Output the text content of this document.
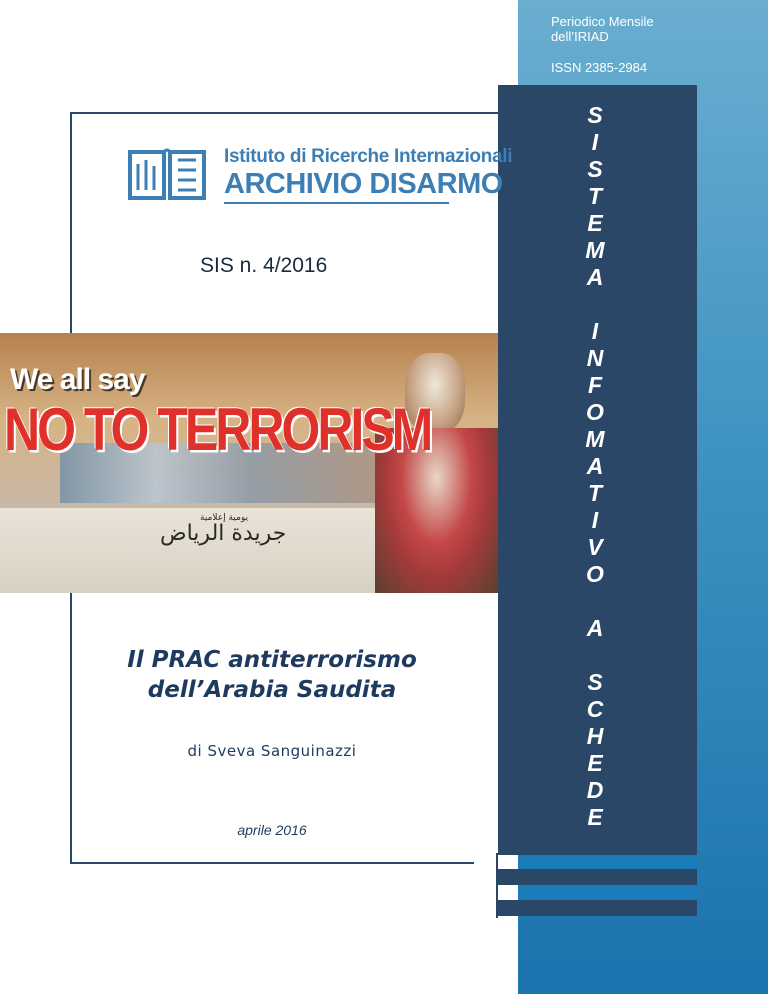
Periodico Mensile dell’IRIAD
ISSN 2385-2984
S
I
S
T
E
M
A
I
N
F
O
M
A
T
I
V
O
A
S
C
H
E
D
E
Istituto di Ricerche Internazionali
ARCHIVIO DISARMO
SIS n. 4/2016
We all say
NO TO TERRORISM
يومية إعلامية
جريدة الرياض
Il PRAC antiterrorismo
dell’Arabia Saudita
di Sveva Sanguinazzi
aprile 2016
